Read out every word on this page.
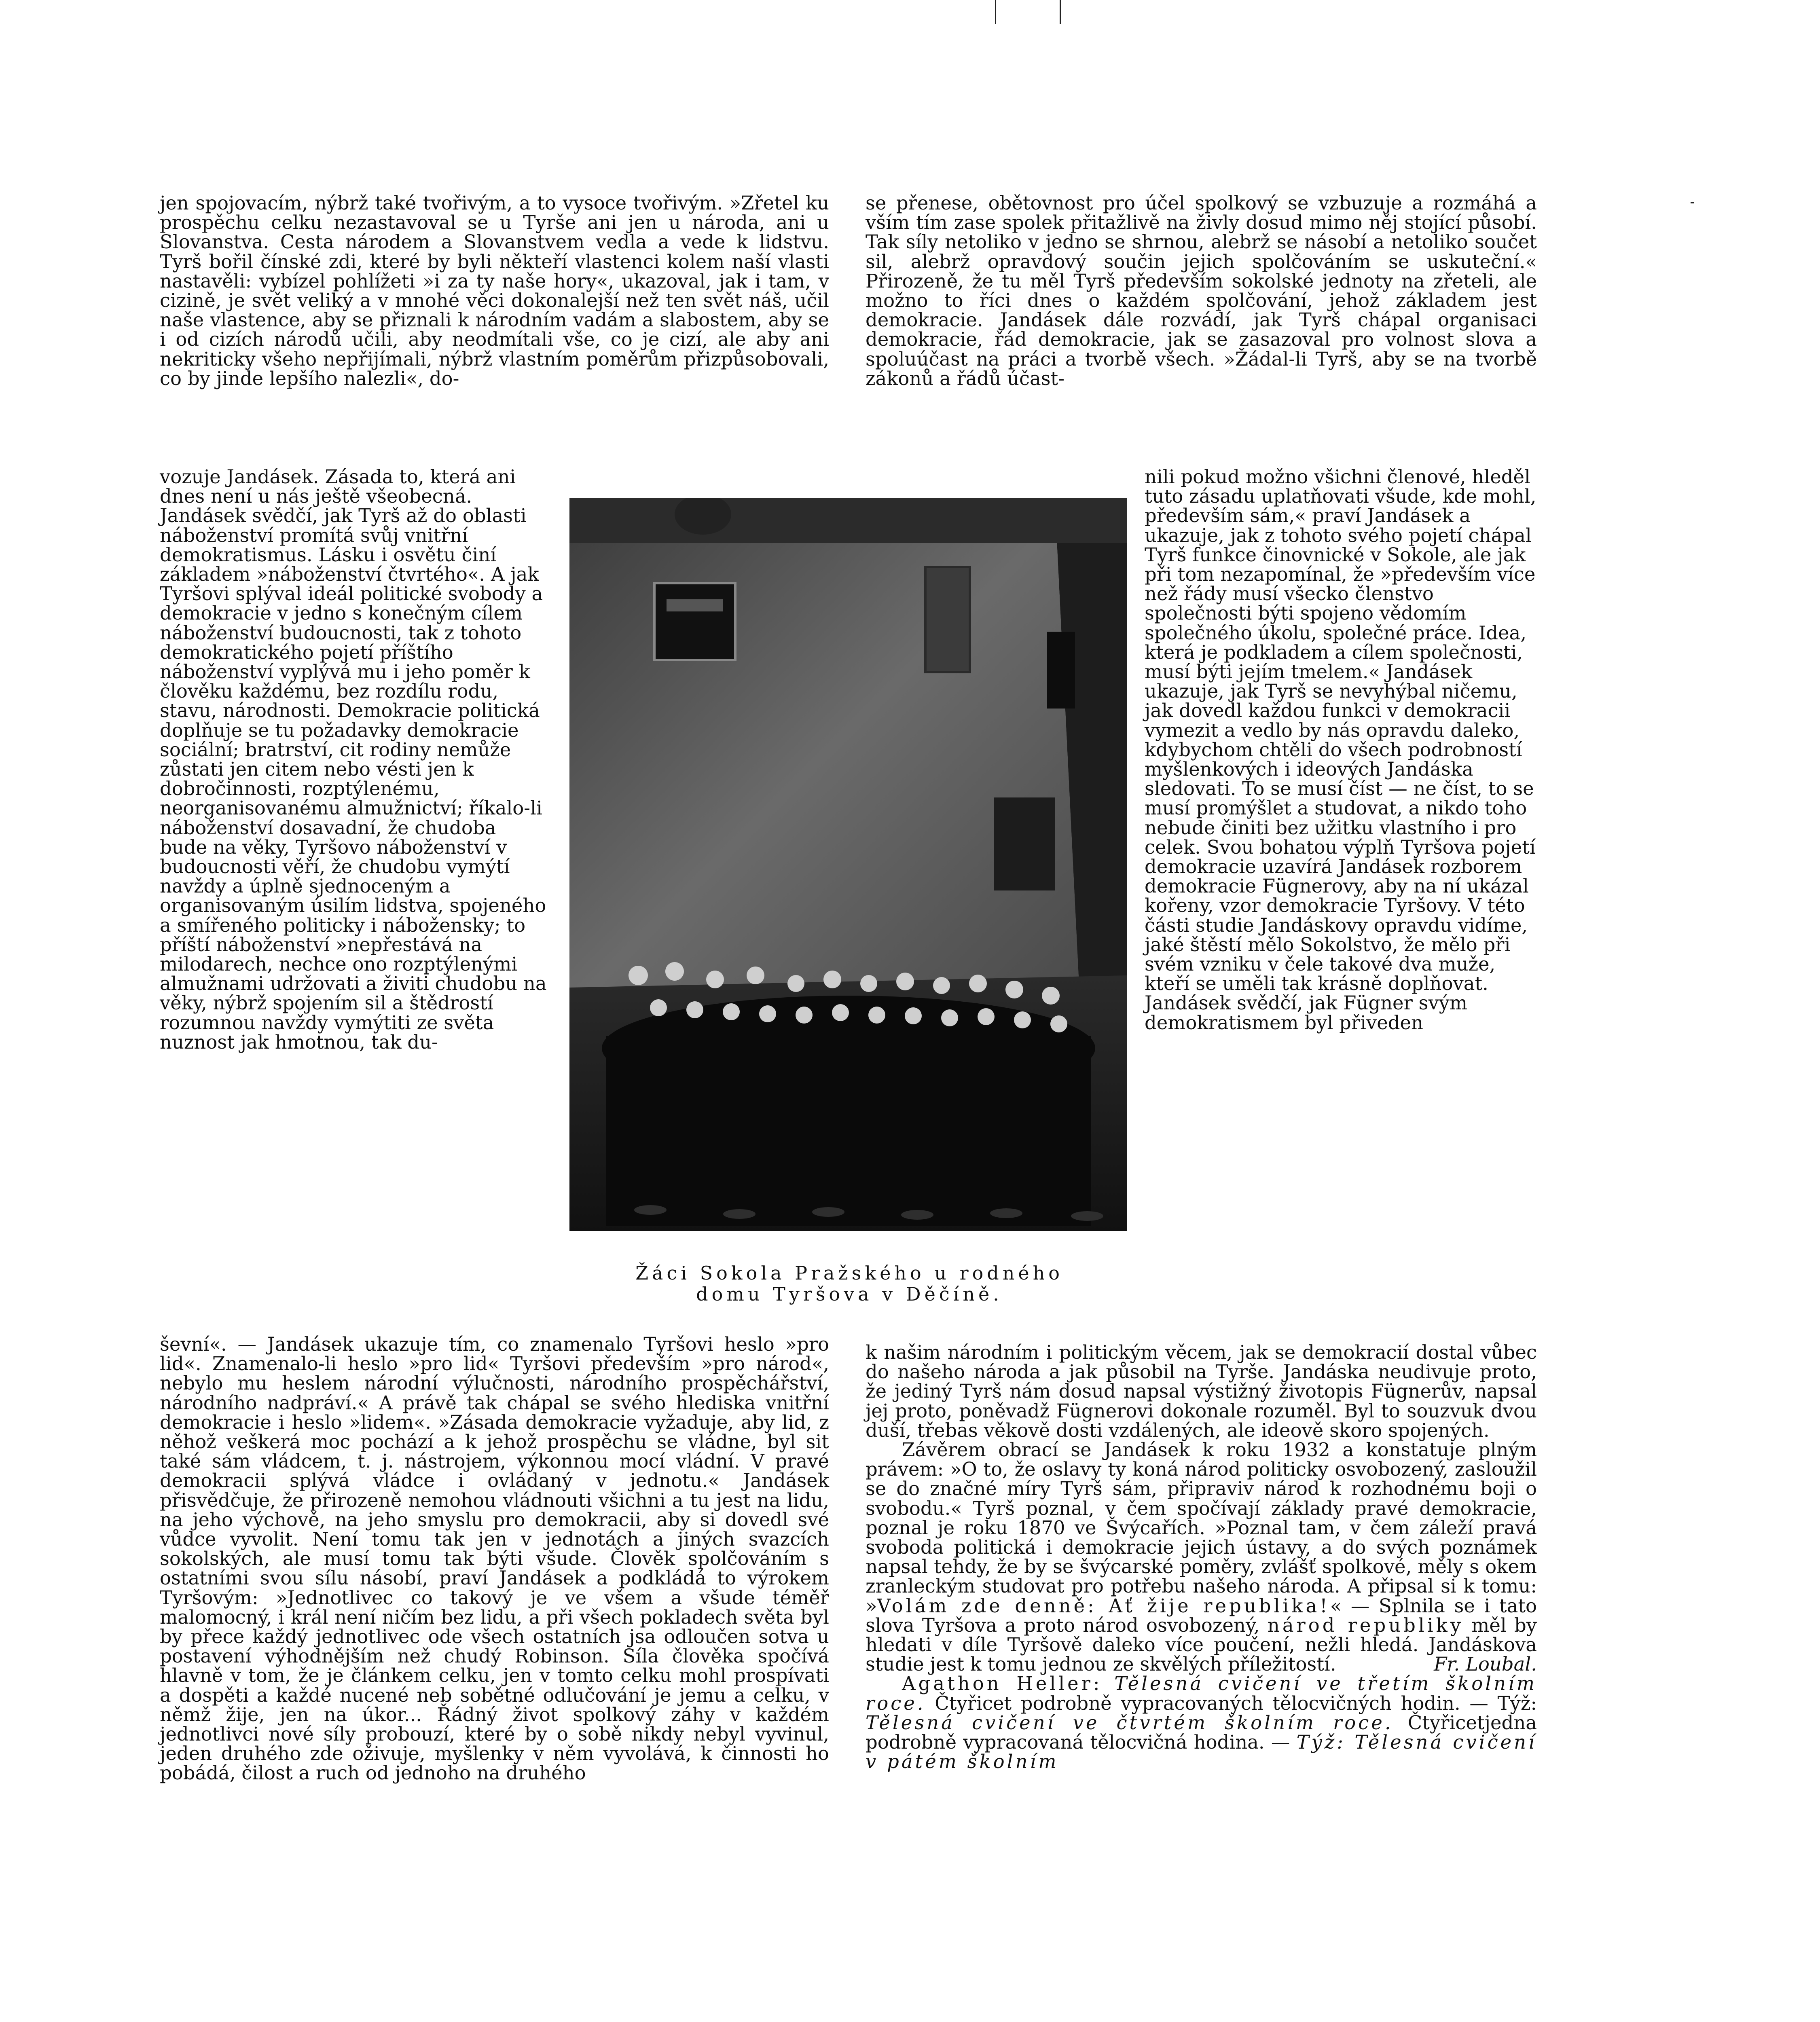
jen spojovacím, nýbrž také tvořivým, a to vysoce tvořivým. »Zřetel ku prospěchu celku nezastavoval se u Tyrše ani jen u národa, ani u Slovanstva. Cesta národem a Slovanstvem vedla a vede k lidstvu. Tyrš bořil čínské zdi, které by byli někteří vlastenci kolem naší vlasti nastavěli: vybízel pohlížeti »i za ty naše hory«, ukazoval, jak i tam, v cizině, je svět veliký a v mnohé věci dokonalejší než ten svět náš, učil naše vlastence, aby se přiznali k národním vadám a slabostem, aby se i od cizích národů učili, aby neodmítali vše, co je cizí, ale aby ani nekriticky všeho nepřijímali, nýbrž vlastním poměrům přizpůsobovali, co by jinde lepšího nalezli«, do-

vozuje Jandásek. Zásada to, která ani dnes není u nás ještě všeobecná. Jandásek svědčí, jak Tyrš až do oblasti náboženství promítá svůj vnitřní demokratismus. Lásku i osvětu činí základem »náboženství čtvrtého«. A jak Tyršovi splýval ideál politické svobody a demokracie v jedno s konečným cílem náboženství budoucnosti, tak z tohoto demokratického pojetí příštího náboženství vyplývá mu i jeho poměr k člověku každému, bez rozdílu rodu, stavu, národnosti. Demokracie politická doplňuje se tu požadavky demokracie sociální; bratrství, cit rodiny nemůže zůstati jen citem nebo vésti jen k dobročinnosti, rozptýlenému, neorganisovanému almužnictví; říkalo-li náboženství dosavadní, že chudoba bude na věky, Tyršovo náboženství v budoucnosti věří, že chudobu vymýtí navždy a úplně sjednoceným a organisovaným úsilím lidstva, spojeného a smířeného politicky i nábožensky; to příští náboženství »nepřestává na milodarech, nechce ono rozptýlenými almužnami udržovati a živiti chudobu na věky, nýbrž spojením sil a štědrostí rozumnou navždy vymýtiti ze světa nuznost jak hmotnou, tak du-

ševní«. — Jandásek ukazuje tím, co znamenalo Tyršovi heslo »pro lid«. Znamenalo-li heslo »pro lid« Tyršovi především »pro národ«, nebylo mu heslem národní výlučnosti, národního prospěchářství, národního nadpráví.« A právě tak chápal se svého hlediska vnitřní demokracie i heslo »lidem«. »Zásada demokracie vyžaduje, aby lid, z něhož veškerá moc pochází a k jehož prospěchu se vládne, byl sit také sám vládcem, t. j. nástrojem, výkonnou mocí vládní. V pravé demokracii splývá vládce i ovládaný v jednotu.« Jandásek přisvědčuje, že přirozeně nemohou vládnouti všichni a tu jest na lidu, na jeho výchově, na jeho smyslu pro demokracii, aby si dovedl své vůdce vyvolit. Není tomu tak jen v jednotách a jiných svazcích sokolských, ale musí tomu tak býti všude. Člověk spolčováním s ostatními svou sílu násobí, praví Jandásek a podkládá to výrokem Tyršovým: »Jednotlivec co takový je ve všem a všude téměř malomocný, i král není ničím bez lidu, a při všech pokladech světa byl by přece každý jednotlivec ode všech ostatních jsa odloučen sotva u postavení výhodnějším než chudý Robinson. Síla člověka spočívá hlavně v tom, že je článkem celku, jen v tomto celku mohl prospívati a dospěti a každé nucené neb sobětné odlučování je jemu a celku, v němž žije, jen na úkor... Řádný život spolkový záhy v každém jednotlivci nové síly probouzí, které by o sobě nikdy nebyl vyvinul, jeden druhého zde oživuje, myšlenky v něm vyvolává, k činnosti ho pobádá, čilost a ruch od jednoho na druhého

se přenese, obětovnost pro účel spolkový se vzbuzuje a rozmáhá a vším tím zase spolek přitažlivě na živly dosud mimo něj stojící působí. Tak síly netoliko v jedno se shrnou, alebrž se násobí a netoliko součet sil, alebrž opravdový součin jejich spolčováním se uskuteční.« Přirozeně, že tu měl Tyrš především sokolské jednoty na zřeteli, ale možno to říci dnes o každém spolčování, jehož základem jest demokracie. Jandásek dále rozvádí, jak Tyrš chápal organisaci demokracie, řád demokracie, jak se zasazoval pro volnost slova a spoluúčast na práci a tvorbě všech. »Žádal-li Tyrš, aby se na tvorbě zákonů a řádů účast-

nili pokud možno všichni členové, hleděl tuto zásadu uplatňovati všude, kde mohl, především sám,« praví Jandásek a ukazuje, jak z tohoto svého pojetí chápal Tyrš funkce činovnické v Sokole, ale jak při tom nezapomínal, že »především více než řády musí všecko členstvo společnosti býti spojeno vědomím společného úkolu, společné práce. Idea, která je podkladem a cílem společnosti, musí býti jejím tmelem.« Jandásek ukazuje, jak Tyrš se nevyhýbal ničemu, jak dovedl každou funkci v demokracii vymezit a vedlo by nás opravdu daleko, kdybychom chtěli do všech podrobností myšlenkových i ideových Jandáska sledovati. To se musí číst — ne číst, to se musí promýšlet a studovat, a nikdo toho nebude činiti bez užitku vlastního i pro celek. Svou bohatou výplň Tyršova pojetí demokracie uzavírá Jandásek rozborem demokracie Fügnerovy, aby na ní ukázal kořeny, vzor demokracie Tyršovy. V této části studie Jandáskovy opravdu vidíme, jaké štěstí mělo Sokolstvo, že mělo při svém vzniku v čele takové dva muže, kteří se uměli tak krásně doplňovat. Jandásek svědčí, jak Fügner svým demokratismem byl přiveden

k našim národním i politickým věcem, jak se demokracií dostal vůbec do našeho národa a jak působil na Tyrše. Jandáska neudivuje proto, že jediný Tyrš nám dosud napsal výstižný životopis Fügnerův, napsal jej proto, poněvadž Fügnerovi dokonale rozuměl. Byl to souzvuk dvou duší, třebas věkově dosti vzdálených, ale ideově skoro spojených.

Závěrem obrací se Jandásek k roku 1932 a konstatuje plným právem: »O to, že oslavy ty koná národ politicky osvobozený, zasloužil se do značné míry Tyrš sám, připraviv národ k rozhodnému boji o svobodu.« Tyrš poznal, v čem spočívají základy pravé demokracie, poznal je roku 1870 ve Švýcařích. »Poznal tam, v čem záleží pravá svoboda politická i demokracie jejich ústavy, a do svých poznámek napsal tehdy, že by se švýcarské poměry, zvlášť spolkové, měly s okem zranleckým studovat pro potřebu našeho národa. A připsal si k tomu: »Volám zde denně: Ať žije republika!« — Splnila se i tato slova Tyršova a proto národ osvobozený, národ republiky měl by hledati v díle Tyršově daleko více poučení, nežli hledá. Jandáskova studie jest k tomu jednou ze skvělých příležitostí.	Fr. Loubal.

Agathon Heller: Tělesná cvičení ve třetím školním roce. Čtyřicet podrobně vypracovaných tělocvičných hodin. — Týž: Tělesná cvičení ve čtvrtém školním roce. Čtyřicetjedna podrobně vypracovaná tělocvičná hodina. — Týž: Tělesná cvičení v pátém školním

Žáci Sokola Pražského u rodného
domu Tyršova v Děčíně.
